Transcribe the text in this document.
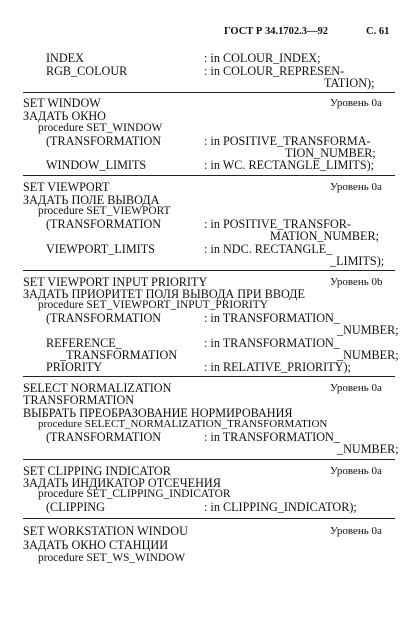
ГОСТ Р 34.1702.3—92	С. 61
INDEX	: in COLOUR_INDEX;
RGB_COLOUR	: in COLOUR_REPRESEN-
TATION);
SET WINDOW	Уровень 0а
ЗАДАТЬ ОКНО
procedure SET_WINDOW
(TRANSFORMATION	: in POSITIVE_TRANSFORMA-
TION_NUMBER;
WINDOW_LIMITS	: in WC. RECTANGLE_LIMITS);
SET VIEWPORT	Уровень 0а
ЗАДАТЬ ПОЛЕ ВЫВОДА
procedure SET_VIEWPORT
(TRANSFORMATION	: in POSITIVE_TRANSFOR-
MATION_NUMBER;
VIEWPORT_LIMITS	: in NDC. RECTANGLE_
_LIMITS);
SET VIEWPORT INPUT PRIORITY	Уровень 0b
ЗАДАТЬ ПРИОРИТЕТ ПОЛЯ ВЫВОДА ПРИ ВВОДЕ
procedure SET_VIEWPORT_INPUT_PRIORITY
(TRANSFORMATION	: in TRANSFORMATION_
_NUMBER;
REFERENCE_	: in TRANSFORMATION_
_TRANSFORMATION	_NUMBER;
PRIORITY	: in RELATIVE_PRIORITY);
SELECT NORMALIZATION	Уровень 0а
TRANSFORMATION
ВЫБРАТЬ ПРЕОБРАЗОВАНИЕ НОРМИРОВАНИЯ
procedure SELECT_NORMALIZATION_TRANSFORMATION
(TRANSFORMATION	: in TRANSFORMATION_
_NUMBER;
SET CLIPPING INDICATOR	Уровень 0а
ЗАДАТЬ ИНДИКАТОР ОТСЕЧЕНИЯ
procedure SET_CLIPPING_INDICATOR
(CLIPPING	: in CLIPPING_INDICATOR);
SET WORKSTATION WINDOU	Уровень 0а
ЗАДАТЬ ОКНО СТАНЦИИ
procedure SET_WS_WINDOW
